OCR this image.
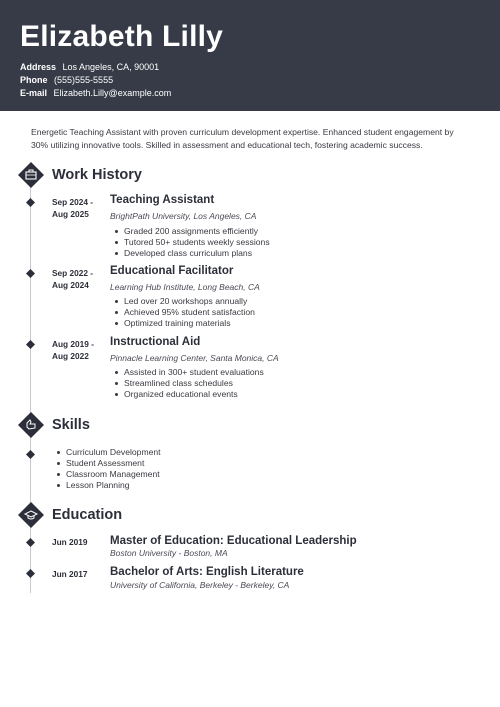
Elizabeth Lilly
Address Los Angeles, CA, 90001
Phone (555)555-5555
E-mail Elizabeth.Lilly@example.com
Energetic Teaching Assistant with proven curriculum development expertise. Enhanced student engagement by 30% utilizing innovative tools. Skilled in assessment and educational tech, fostering academic success.
Work History
Sep 2024 -
Aug 2025
Teaching Assistant
BrightPath University, Los Angeles, CA
Graded 200 assignments efficiently
Tutored 50+ students weekly sessions
Developed class curriculum plans
Sep 2022 -
Aug 2024
Educational Facilitator
Learning Hub Institute, Long Beach, CA
Led over 20 workshops annually
Achieved 95% student satisfaction
Optimized training materials
Aug 2019 -
Aug 2022
Instructional Aid
Pinnacle Learning Center, Santa Monica, CA
Assisted in 300+ student evaluations
Streamlined class schedules
Organized educational events
Skills
Curriculum Development
Student Assessment
Classroom Management
Lesson Planning
Education
Jun 2019	Master of Education: Educational Leadership
Boston University - Boston, MA
Jun 2017	Bachelor of Arts: English Literature
University of California, Berkeley - Berkeley, CA
